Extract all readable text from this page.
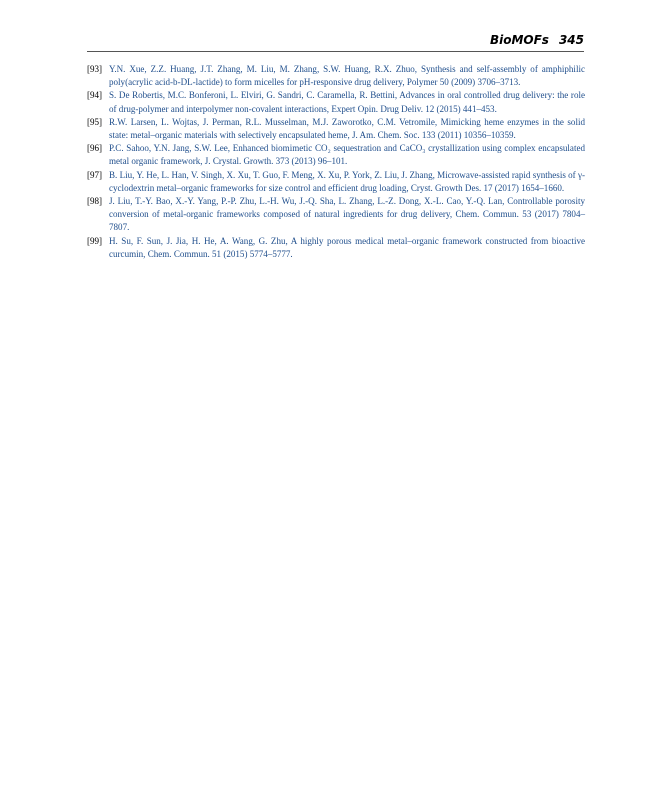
BioMOFs 345
[93] Y.N. Xue, Z.Z. Huang, J.T. Zhang, M. Liu, M. Zhang, S.W. Huang, R.X. Zhuo, Synthesis and self-assembly of amphiphilic poly(acrylic acid-b-DL-lactide) to form micelles for pH-responsive drug delivery, Polymer 50 (2009) 3706–3713.
[94] S. De Robertis, M.C. Bonferoni, L. Elviri, G. Sandri, C. Caramella, R. Bettini, Advances in oral controlled drug delivery: the role of drug-polymer and interpolymer non-covalent interactions, Expert Opin. Drug Deliv. 12 (2015) 441–453.
[95] R.W. Larsen, L. Wojtas, J. Perman, R.L. Musselman, M.J. Zaworotko, C.M. Vetromile, Mimicking heme enzymes in the solid state: metal–organic materials with selectively encapsulated heme, J. Am. Chem. Soc. 133 (2011) 10356–10359.
[96] P.C. Sahoo, Y.N. Jang, S.W. Lee, Enhanced biomimetic CO₂ sequestration and CaCO₃ crystallization using complex encapsulated metal organic framework, J. Crystal. Growth. 373 (2013) 96–101.
[97] B. Liu, Y. He, L. Han, V. Singh, X. Xu, T. Guo, F. Meng, X. Xu, P. York, Z. Liu, J. Zhang, Microwave-assisted rapid synthesis of γ-cyclodextrin metal–organic frameworks for size control and efficient drug loading, Cryst. Growth Des. 17 (2017) 1654–1660.
[98] J. Liu, T.-Y. Bao, X.-Y. Yang, P.-P. Zhu, L.-H. Wu, J.-Q. Sha, L. Zhang, L.-Z. Dong, X.-L. Cao, Y.-Q. Lan, Controllable porosity conversion of metal-organic frameworks composed of natural ingredients for drug delivery, Chem. Commun. 53 (2017) 7804–7807.
[99] H. Su, F. Sun, J. Jia, H. He, A. Wang, G. Zhu, A highly porous medical metal–organic framework constructed from bioactive curcumin, Chem. Commun. 51 (2015) 5774–5777.
